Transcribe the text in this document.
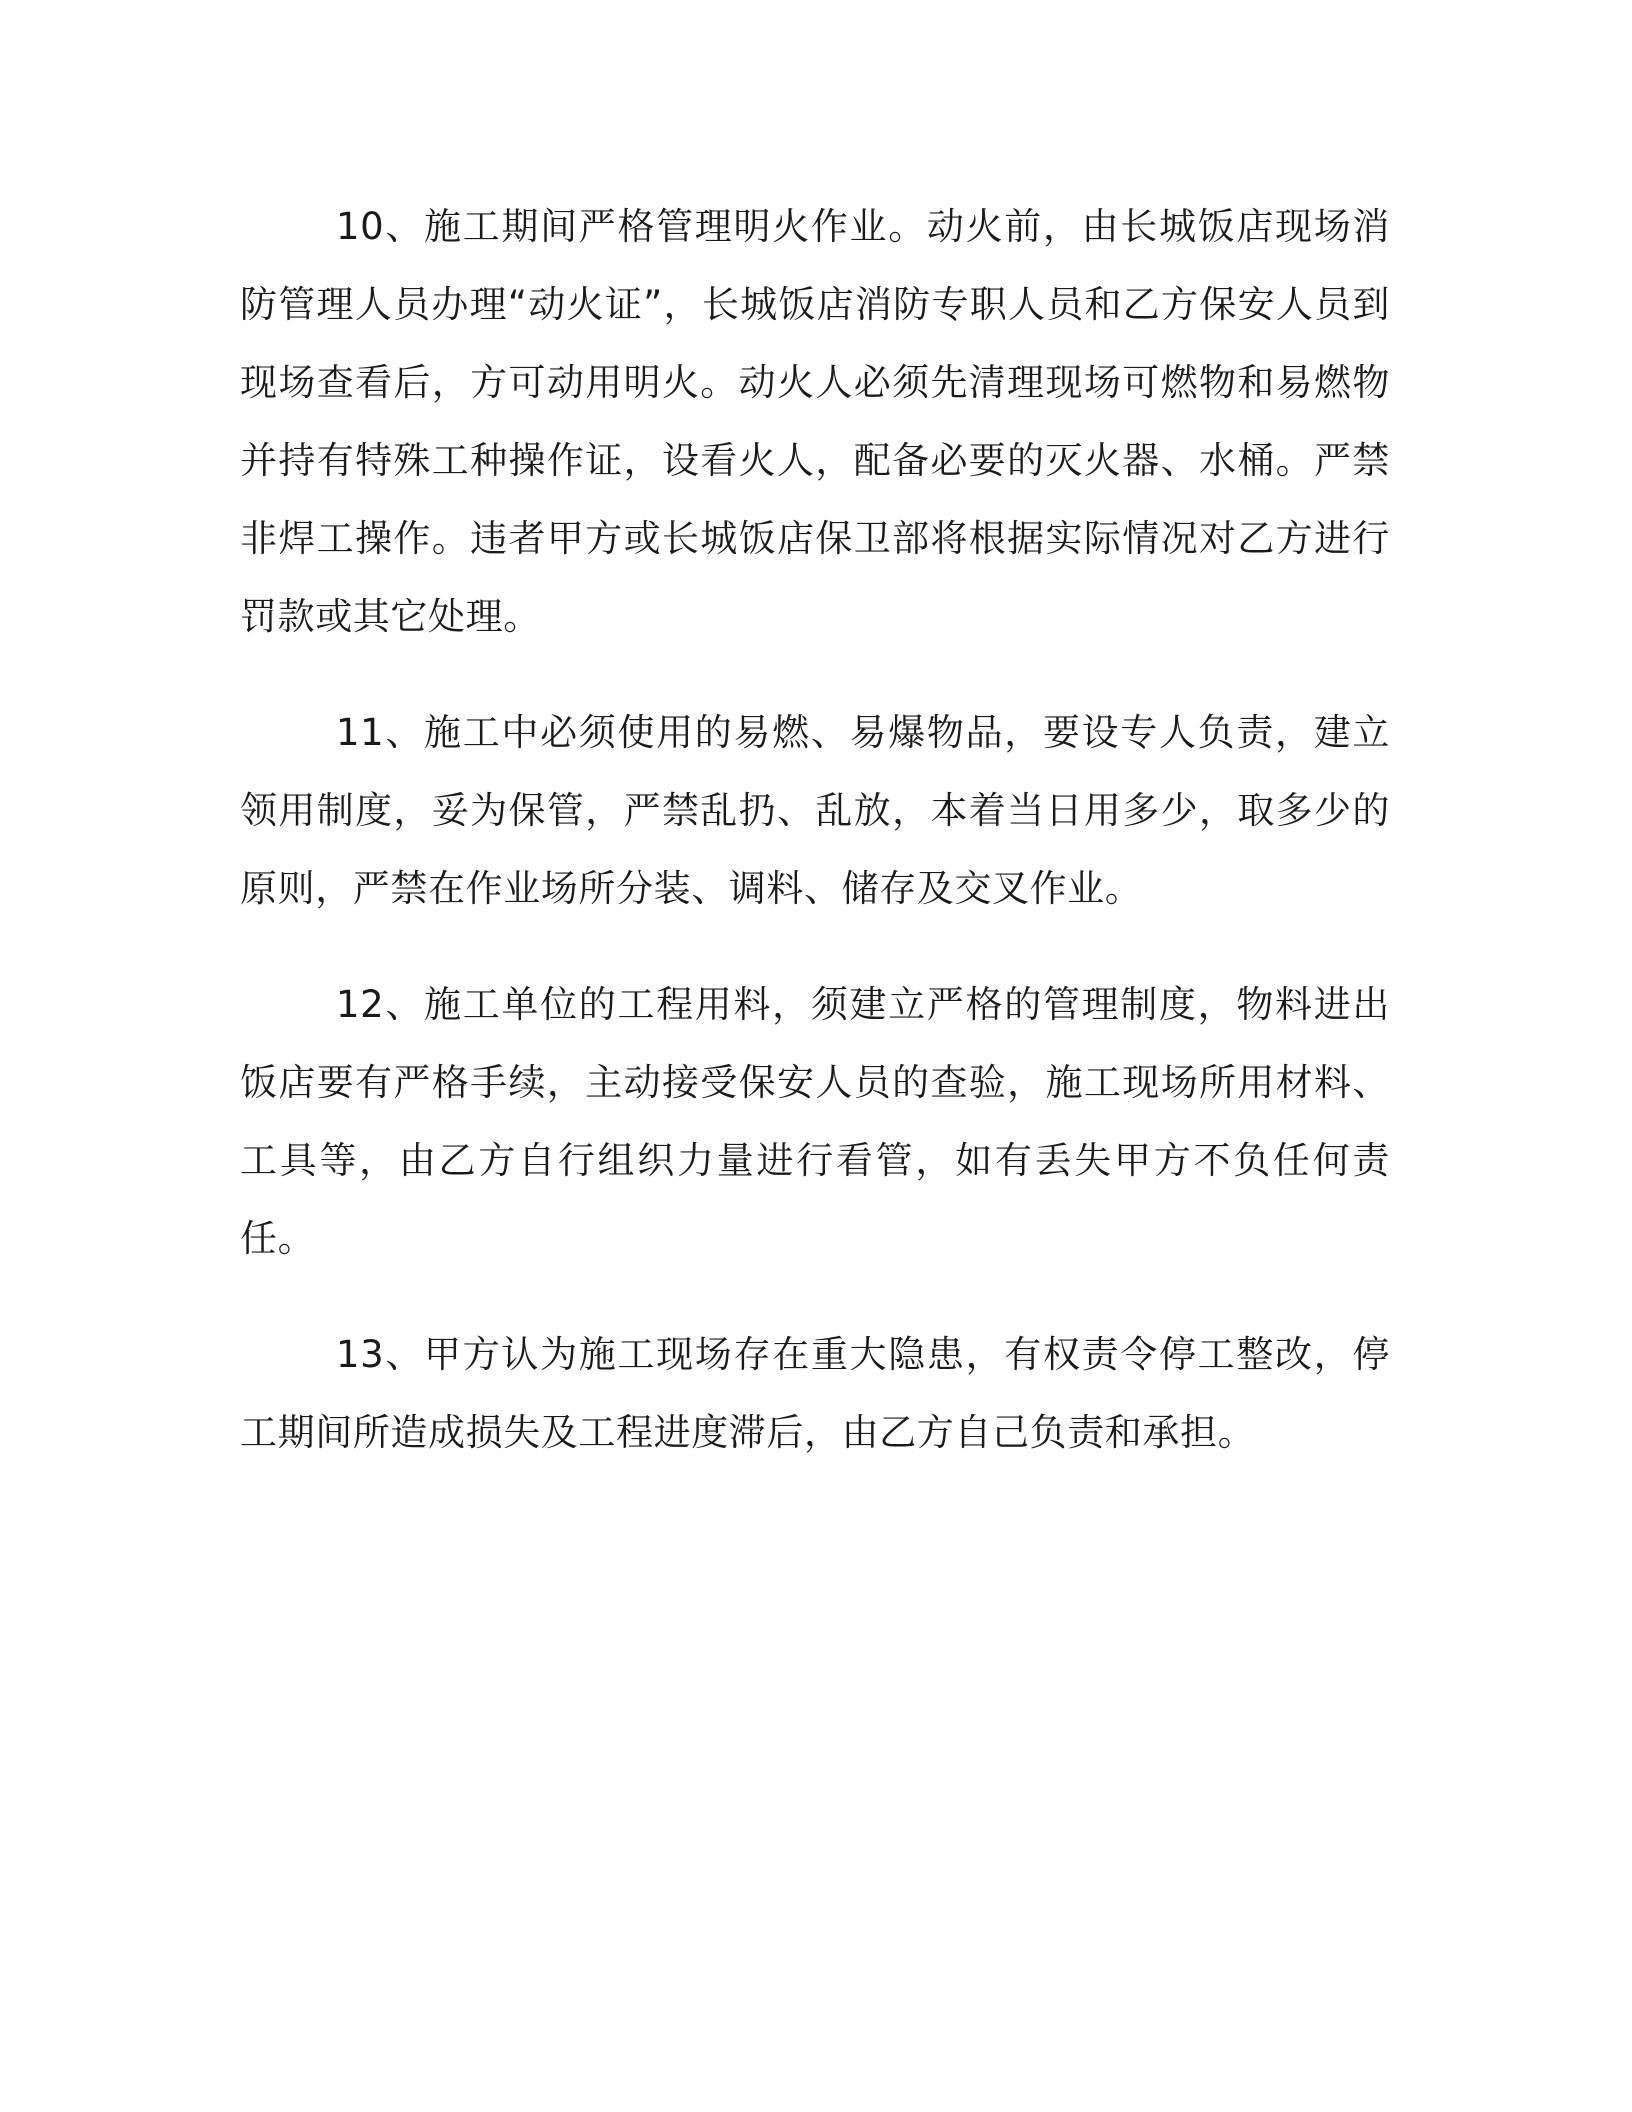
10、施工期间严格管理明火作业。动火前，由长城饭店现场消防管理人员办理“动火证”，长城饭店消防专职人员和乙方保安人员到现场查看后，方可动用明火。动火人必须先清理现场可燃物和易燃物并持有特殊工种操作证，设看火人，配备必要的灭火器、水桶。严禁非焊工操作。违者甲方或长城饭店保卫部将根据实际情况对乙方进行罚款或其它处理。

11、施工中必须使用的易燃、易爆物品，要设专人负责，建立领用制度，妥为保管，严禁乱扔、乱放，本着当日用多少，取多少的原则，严禁在作业场所分装、调料、储存及交叉作业。

12、施工单位的工程用料，须建立严格的管理制度，物料进出饭店要有严格手续，主动接受保安人员的查验，施工现场所用材料、工具等，由乙方自行组织力量进行看管，如有丢失甲方不负任何责任。

13、甲方认为施工现场存在重大隐患，有权责令停工整改，停工期间所造成损失及工程进度滞后，由乙方自己负责和承担。
